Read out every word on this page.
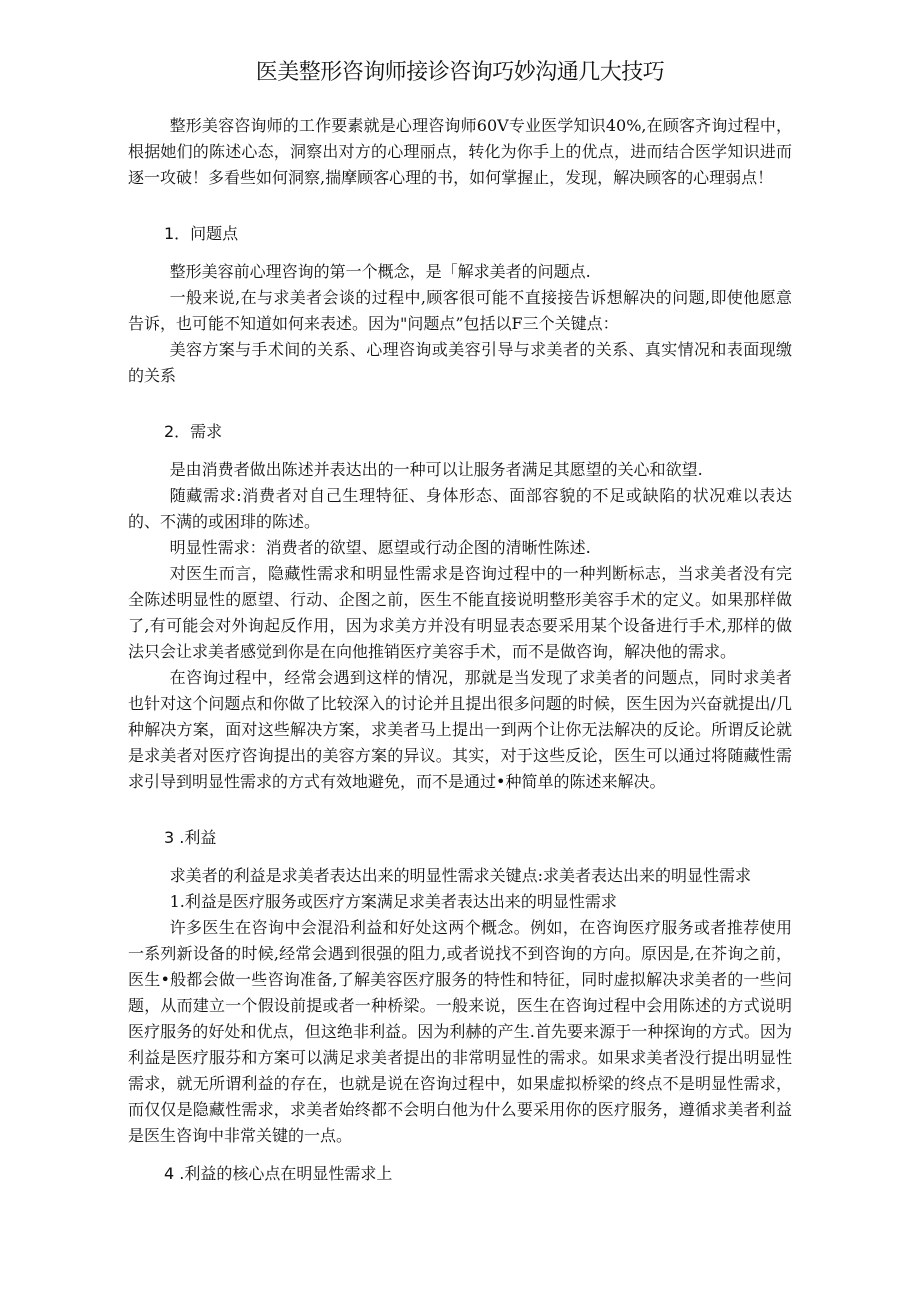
医美整形咨询师接诊咨询巧妙沟通几大技巧

整形美容咨询师的工作要素就是心理咨询师60V专业医学知识40%,在顾客齐询过程中，根据她们的陈述心态，洞察出对方的心理丽点，转化为你手上的优点，进而结合医学知识进而逐一攻破！多看些如何洞察,揣摩顾客心理的书，如何掌握止，发现，解决顾客的心理弱点！

1．问题点

整形美容前心理咨询的第一个概念，是「解求美者的问题点.

一般来说,在与求美者会谈的过程中,顾客很可能不直接接告诉想解决的问题,即使他愿意告诉，也可能不知道如何来表述。因为"问题点”包括以F三个关键点：

美容方案与手术间的关系、心理咨询或美容引导与求美者的关系、真实情况和表面现缴的关系

2．需求

是由消费者做出陈述并表达出的一种可以让服务者满足其愿望的关心和欲望.

随藏需求:消费者对自己生理特征、身体形态、面部容貌的不足或缺陷的状况难以表达的、不满的或困琲的陈述。

明显性需求：消费者的欲望、愿望或行动企图的清晰性陈述.

对医生而言，隐藏性需求和明显性需求是咨询过程中的一种判断标志，当求美者没有完全陈述明显性的愿望、行动、企图之前，医生不能直接说明整形美容手术的定义。如果那样做了,有可能会对外询起反作用，因为求美方并没有明显表态要采用某个设备进行手术,那样的做法只会让求美者感觉到你是在向他推销医疗美容手术，而不是做咨询，解决他的需求。

在咨询过程中，经常会遇到这样的情况，那就是当发现了求美者的问题点，同时求美者也针对这个问题点和你做了比较深入的讨论并且提出很多问题的时候，医生因为兴奋就提出/几种解决方案，面对这些解决方案，求美者马上提出一到两个让你无法解决的反论。所谓反论就是求美者对医疗咨询提出的美容方案的异议。其实，对于这些反论，医生可以通过将随藏性需求引导到明显性需求的方式有效地避免，而不是通过•种简单的陈述来解决。

3 .利益

求美者的利益是求美者表达出来的明显性需求关键点:求美者表达出来的明显性需求

1.利益是医疗服务或医疗方案满足求美者表达出来的明显性需求

许多医生在咨询中会混沿利益和好处这两个概念。例如，在咨询医疗服务或者推荐使用一系列新设备的时候,经常会遇到很强的阻力,或者说找不到咨询的方向。原因是,在芥询之前，医生•般都会做一些咨询准备,了解美容医疗服务的特性和特征，同时虚拟解决求美者的一些问题，从而建立一个假设前提或者一种桥梁。一般来说，医生在咨询过程中会用陈述的方式说明医疗服务的好处和优点，但这绝非利益。因为利赫的产生.首先要来源于一种探询的方式。因为利益是医疗服芬和方案可以满足求美者提出的非常明显性的需求。如果求美者没行提出明显性需求，就无所谓利益的存在，也就是说在咨询过程中，如果虚拟桥梁的终点不是明显性需求，而仅仅是隐藏性需求，求美者始终都不会明白他为什么要采用你的医疗服务，遵循求美者利益是医生咨询中非常关键的一点。

4 .利益的核心点在明显性需求上
